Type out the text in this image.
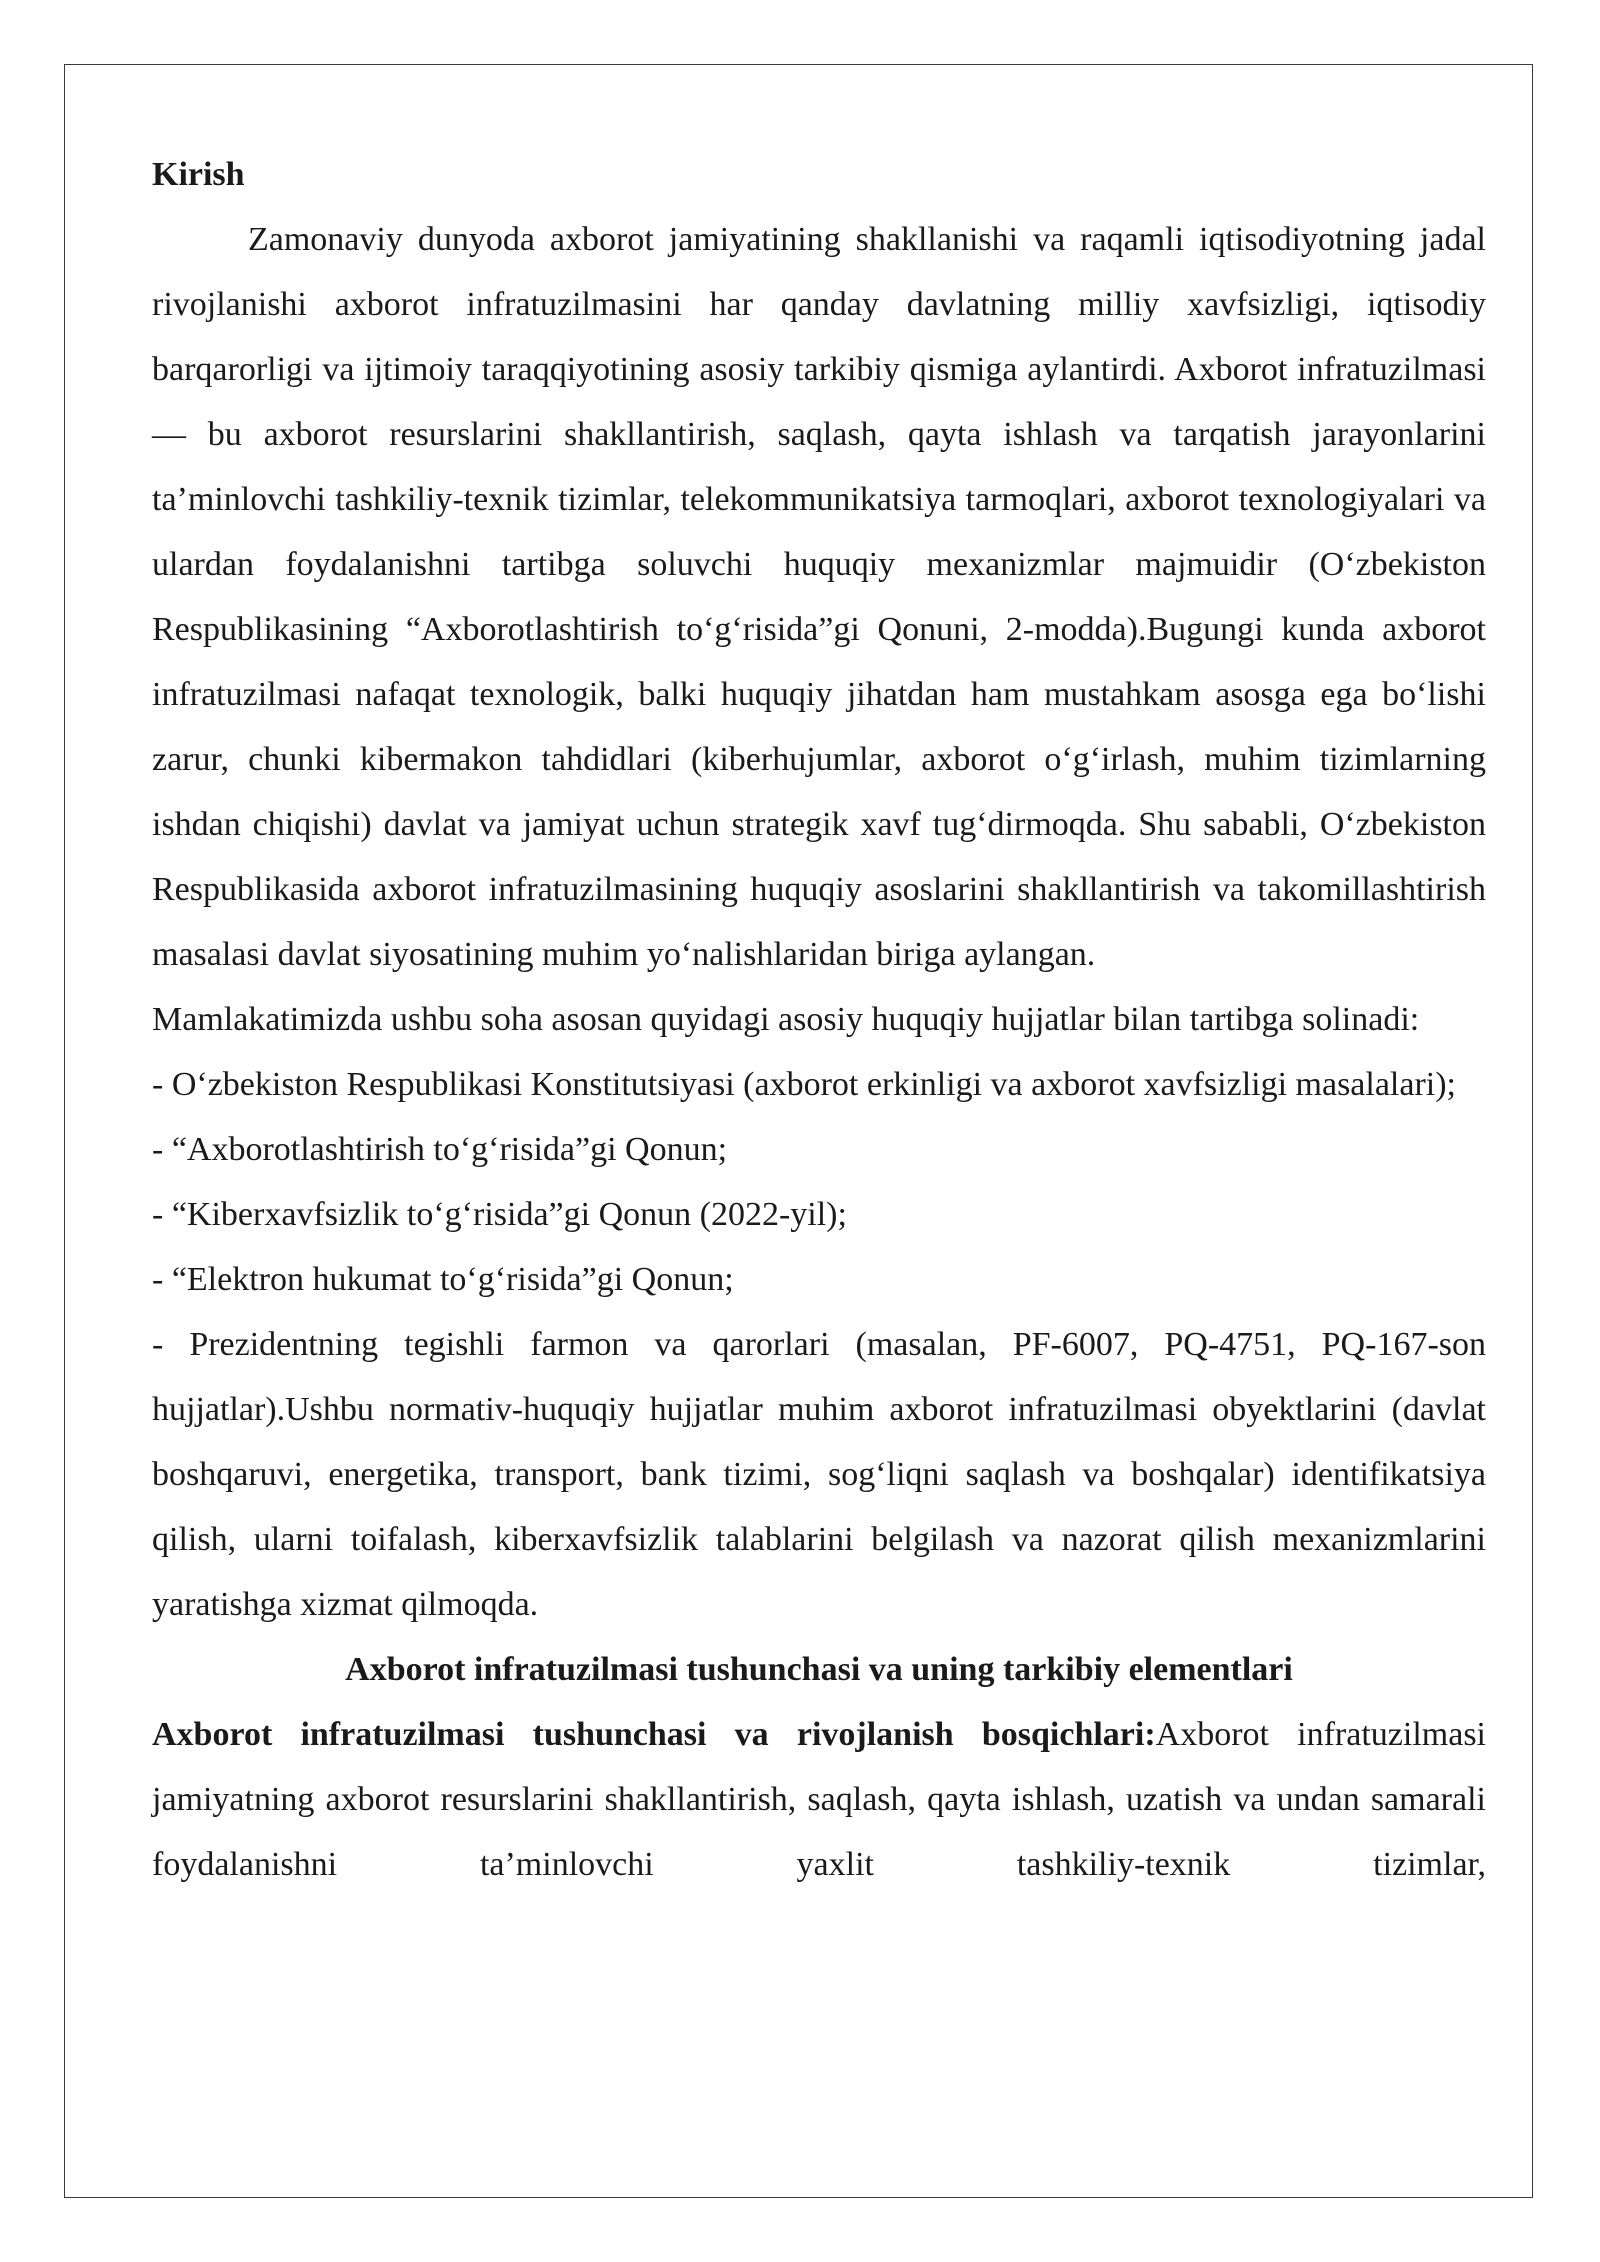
Kirish

Zamonaviy dunyoda axborot jamiyatining shakllanishi va raqamli iqtisodiyotning jadal rivojlanishi axborot infratuzilmasini har qanday davlatning milliy xavfsizligi, iqtisodiy barqarorligi va ijtimoiy taraqqiyotining asosiy tarkibiy qismiga aylantirdi. Axborot infratuzilmasi — bu axborot resurslarini shakllantirish, saqlash, qayta ishlash va tarqatish jarayonlarini ta’minlovchi tashkiliy-texnik tizimlar, telekommunikatsiya tarmoqlari, axborot texnologiyalari va ulardan foydalanishni tartibga soluvchi huquqiy mexanizmlar majmuidir (O‘zbekiston Respublikasining “Axborotlashtirish to‘g‘risida”gi Qonuni, 2-modda).Bugungi kunda axborot infratuzilmasi nafaqat texnologik, balki huquqiy jihatdan ham mustahkam asosga ega bo‘lishi zarur, chunki kibermakon tahdidlari (kiberhujumlar, axborot o‘g‘irlash, muhim tizimlarning ishdan chiqishi) davlat va jamiyat uchun strategik xavf tug‘dirmoqda. Shu sababli, O‘zbekiston Respublikasida axborot infratuzilmasining huquqiy asoslarini shakllantirish va takomillashtirish masalasi davlat siyosatining muhim yo‘nalishlaridan biriga aylangan.

Mamlakatimizda ushbu soha asosan quyidagi asosiy huquqiy hujjatlar bilan tartibga solinadi:

- O‘zbekiston Respublikasi Konstitutsiyasi (axborot erkinligi va axborot xavfsizligi masalalari);

- “Axborotlashtirish to‘g‘risida”gi Qonun;

- “Kiberxavfsizlik to‘g‘risida”gi Qonun (2022-yil);

- “Elektron hukumat to‘g‘risida”gi Qonun;

- Prezidentning tegishli farmon va qarorlari (masalan, PF-6007, PQ-4751, PQ-167-son hujjatlar).Ushbu normativ-huquqiy hujjatlar muhim axborot infratuzilmasi obyektlarini (davlat boshqaruvi, energetika, transport, bank tizimi, sog‘liqni saqlash va boshqalar) identifikatsiya qilish, ularni toifalash, kiberxavfsizlik talablarini belgilash va nazorat qilish mexanizmlarini yaratishga xizmat qilmoqda.

Axborot infratuzilmasi tushunchasi va uning tarkibiy elementlari

Axborot infratuzilmasi tushunchasi va rivojlanish bosqichlari:Axborot infratuzilmasi jamiyatning axborot resurslarini shakllantirish, saqlash, qayta ishlash, uzatish va undan samarali foydalanishni ta’minlovchi yaxlit tashkiliy-texnik tizimlar,
